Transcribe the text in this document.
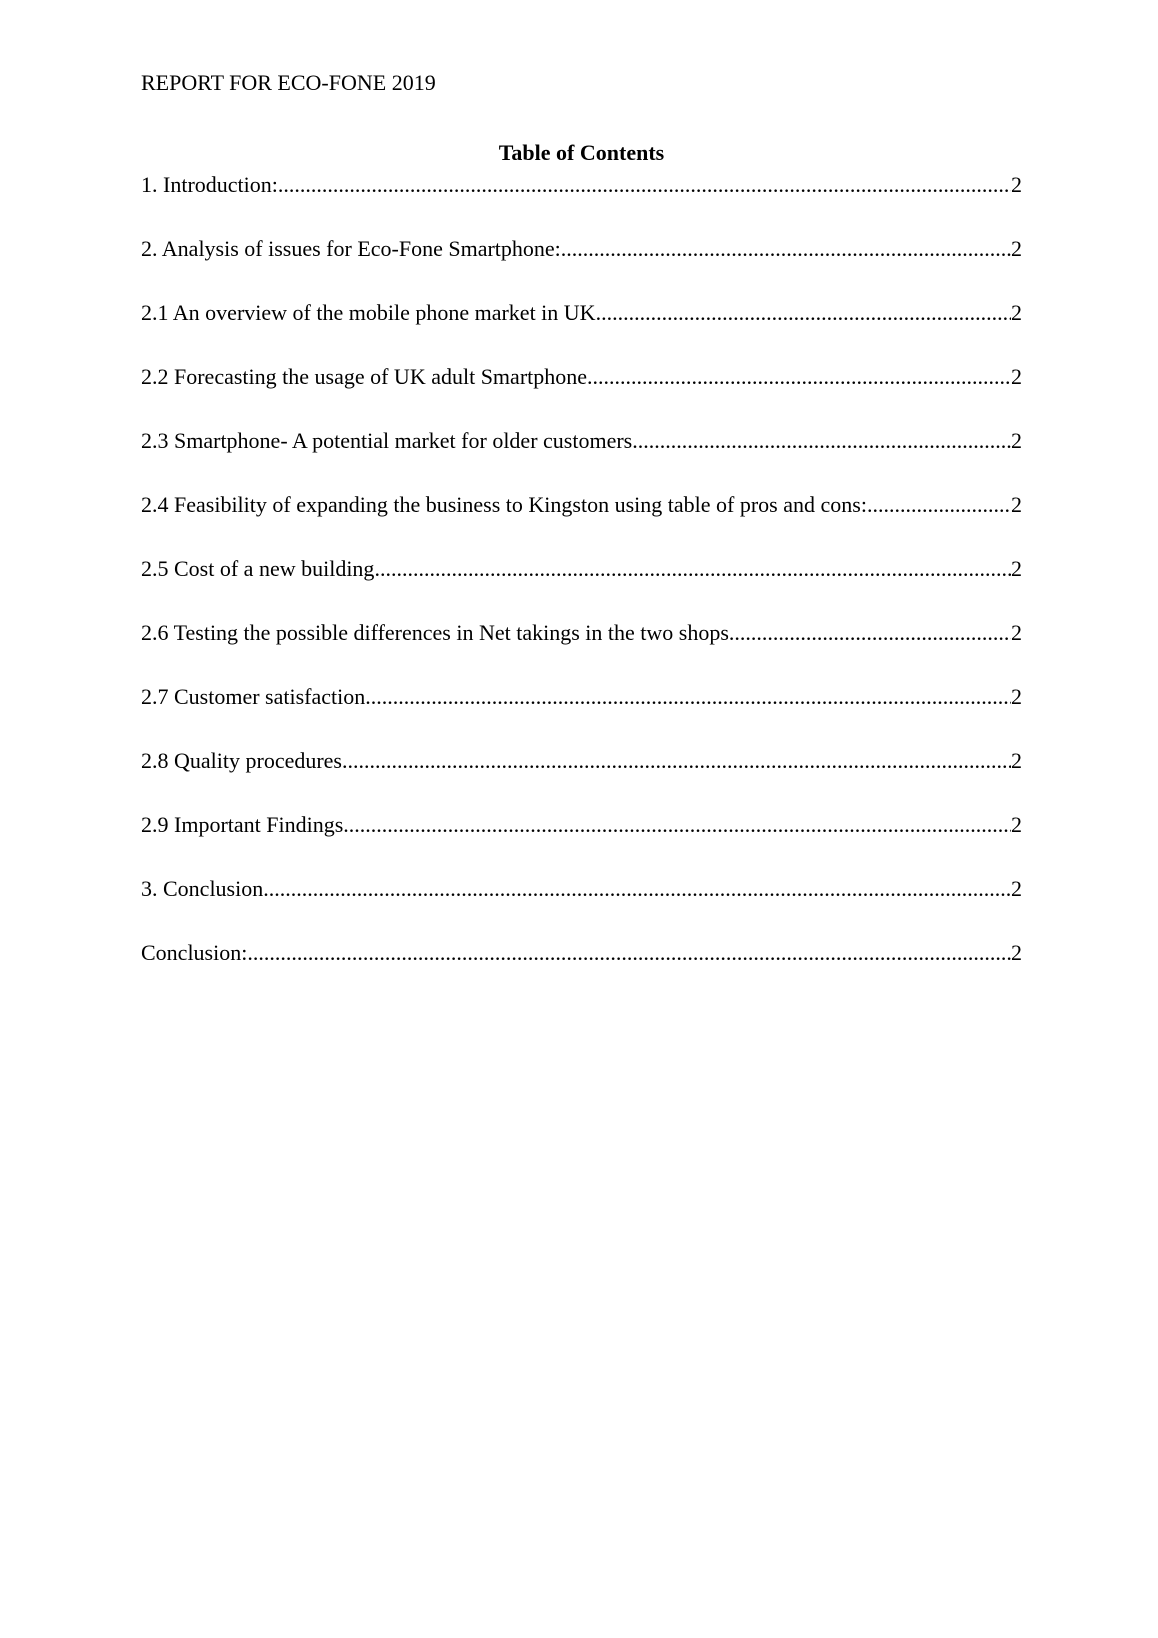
REPORT FOR ECO-FONE 2019
Table of Contents
1. Introduction: .....	2
2. Analysis of issues for Eco-Fone Smartphone: .....	2
2.1 An overview of the mobile phone market in UK .....	2
2.2 Forecasting the usage of UK adult Smartphone .....	2
2.3 Smartphone- A potential market for older customers .....	2
2.4 Feasibility of expanding the business to Kingston using table of pros and cons: .....	2
2.5 Cost of a new building .....	2
2.6 Testing the possible differences in Net takings in the two shops .....	2
2.7 Customer satisfaction .....	2
2.8 Quality procedures .....	2
2.9 Important Findings .....	2
3. Conclusion .....	2
Conclusion: .....	2
